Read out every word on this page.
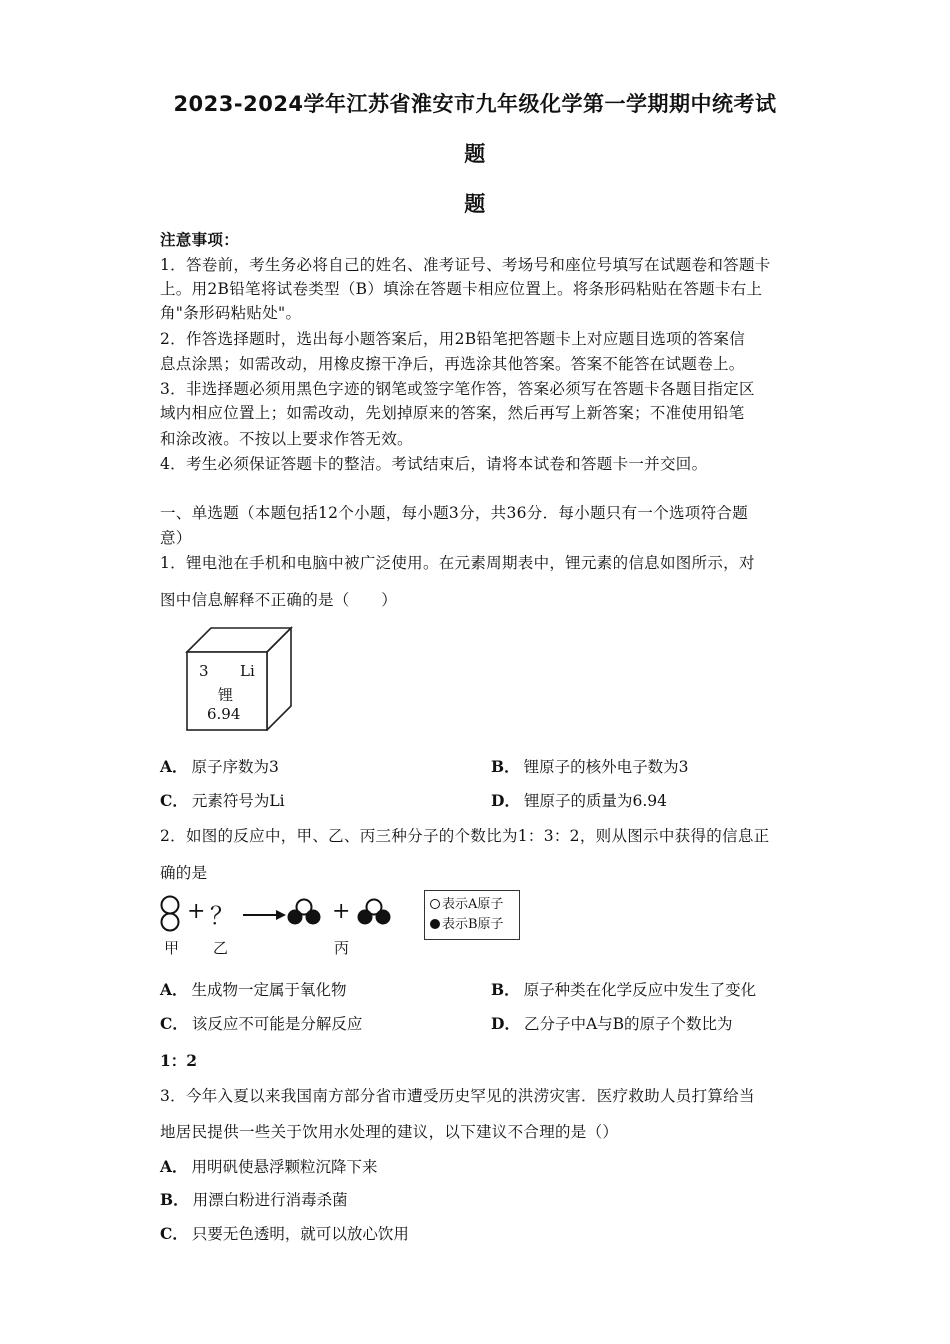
2023-2024学年江苏省淮安市九年级化学第一学期期中统考试
题
题
注意事项：
1．答卷前，考生务必将自己的姓名、准考证号、考场号和座位号填写在试题卷和答题卡
上。用2B铅笔将试卷类型（B）填涂在答题卡相应位置上。将条形码粘贴在答题卡右上
角"条形码粘贴处"。
2．作答选择题时，选出每小题答案后，用2B铅笔把答题卡上对应题目选项的答案信
息点涂黑；如需改动，用橡皮擦干净后，再选涂其他答案。答案不能答在试题卷上。
3．非选择题必须用黑色字迹的钢笔或签字笔作答，答案必须写在答题卡各题目指定区
域内相应位置上；如需改动，先划掉原来的答案，然后再写上新答案；不准使用铅笔
和涂改液。不按以上要求作答无效。
4．考生必须保证答题卡的整洁。考试结束后，请将本试卷和答题卡一并交回。
一、单选题（本题包括12个小题，每小题3分，共36分．每小题只有一个选项符合题
意）
1．锂电池在手机和电脑中被广泛使用。在元素周期表中，锂元素的信息如图所示，对
图中信息解释不正确的是（　　）
3 Li
锂
6.94
A． 原子序数为3	B． 锂原子的核外电子数为3
C． 元素符号为Li	D． 锂原子的质量为6.94
2．如图的反应中，甲、乙、丙三种分子的个数比为1：3：2，则从图示中获得的信息正
确的是
+ ？	+
甲 乙	丙
表示A原子
表示B原子
A． 生成物一定属于氧化物	B． 原子种类在化学反应中发生了变化
C． 该反应不可能是分解反应	D． 乙分子中A与B的原子个数比为
1：2
3．今年入夏以来我国南方部分省市遭受历史罕见的洪涝灾害．医疗救助人员打算给当
地居民提供一些关于饮用水处理的建议，以下建议不合理的是（）
A． 用明矾使悬浮颗粒沉降下来
B． 用漂白粉进行消毒杀菌
C． 只要无色透明，就可以放心饮用
